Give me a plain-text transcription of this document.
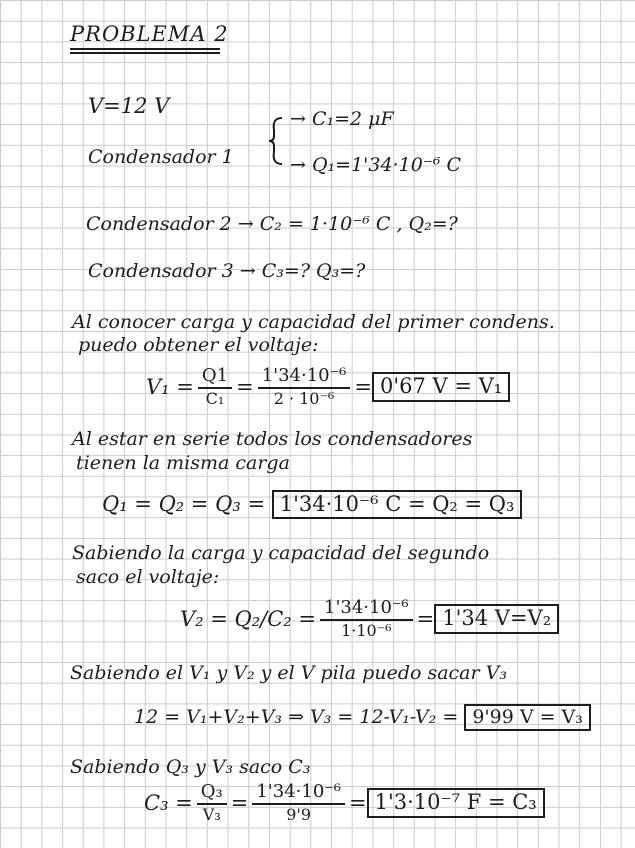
PROBLEMA 2
V=12 V
Condensador 1
→ C₁=2 μF
→ Q₁=1'34·10⁻⁶ C
Condensador 2 → C₂ = 1·10⁻⁶ C , Q₂=?
Condensador 3 → C₃=? Q₃=?
Al conocer carga y capacidad del primer condens.
puedo obtener el voltaje:
$V_1 = \frac{Q1}{\text{C₁}} = \frac{\text{1'34·10⁻⁶}}{\text{2 · 10⁻⁶}} = 0'67$ V = V₁
Al estar en serie todos los condensadores
tienen la misma carga
Q₁ = Q₂ = Q₃ = 1'34·10⁻⁶ C = Q₂ = Q₃
Sabiendo la carga y capacidad del segundo
saco el voltaje:
$V_2 = Q_2/C_2 = \frac{\text{1'34·10⁻⁶}}{\text{1·10⁻⁶}} = 1'34$ V=V₂
Sabiendo el V₁ y V₂ y el V pila puedo sacar V₃
12 = V₁+V₂+V₃ ⇒ V₃ = 12-V₁-V₂ = 9'99 V = V₃
Sabiendo Q₃ y V₃ saco C₃
$C_3 = \frac{\text{Q₃}}{\text{V₃}} = \frac{\text{1'34·10⁻⁶}}{9'9} = 1'3\cdot 10^{-7}$ F = C₃
